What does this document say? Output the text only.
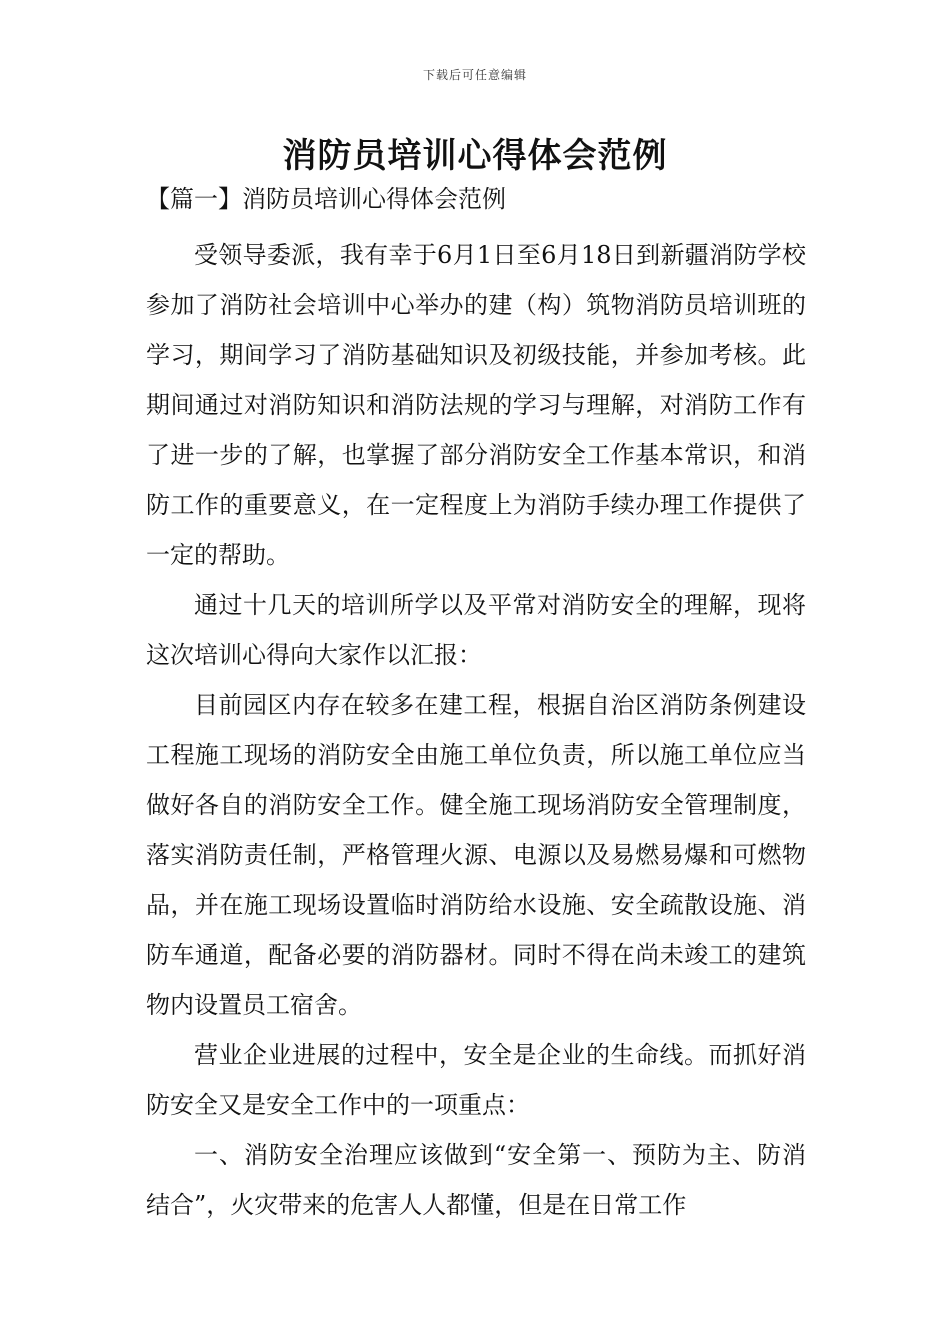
下载后可任意编辑
消防员培训心得体会范例
【篇一】消防员培训心得体会范例

受领导委派，我有幸于6月1日至6月18日到新疆消防学校参加了消防社会培训中心举办的建（构）筑物消防员培训班的学习，期间学习了消防基础知识及初级技能，并参加考核。此期间通过对消防知识和消防法规的学习与理解，对消防工作有了进一步的了解，也掌握了部分消防安全工作基本常识，和消防工作的重要意义，在一定程度上为消防手续办理工作提供了一定的帮助。

通过十几天的培训所学以及平常对消防安全的理解，现将这次培训心得向大家作以汇报：

目前园区内存在较多在建工程，根据自治区消防条例建设工程施工现场的消防安全由施工单位负责，所以施工单位应当做好各自的消防安全工作。健全施工现场消防安全管理制度，落实消防责任制，严格管理火源、电源以及易燃易爆和可燃物品，并在施工现场设置临时消防给水设施、安全疏散设施、消防车通道，配备必要的消防器材。同时不得在尚未竣工的建筑物内设置员工宿舍。

营业企业进展的过程中，安全是企业的生命线。而抓好消防安全又是安全工作中的一项重点：

一、消防安全治理应该做到“安全第一、预防为主、防消结合”，火灾带来的危害人人都懂，但是在日常工作
